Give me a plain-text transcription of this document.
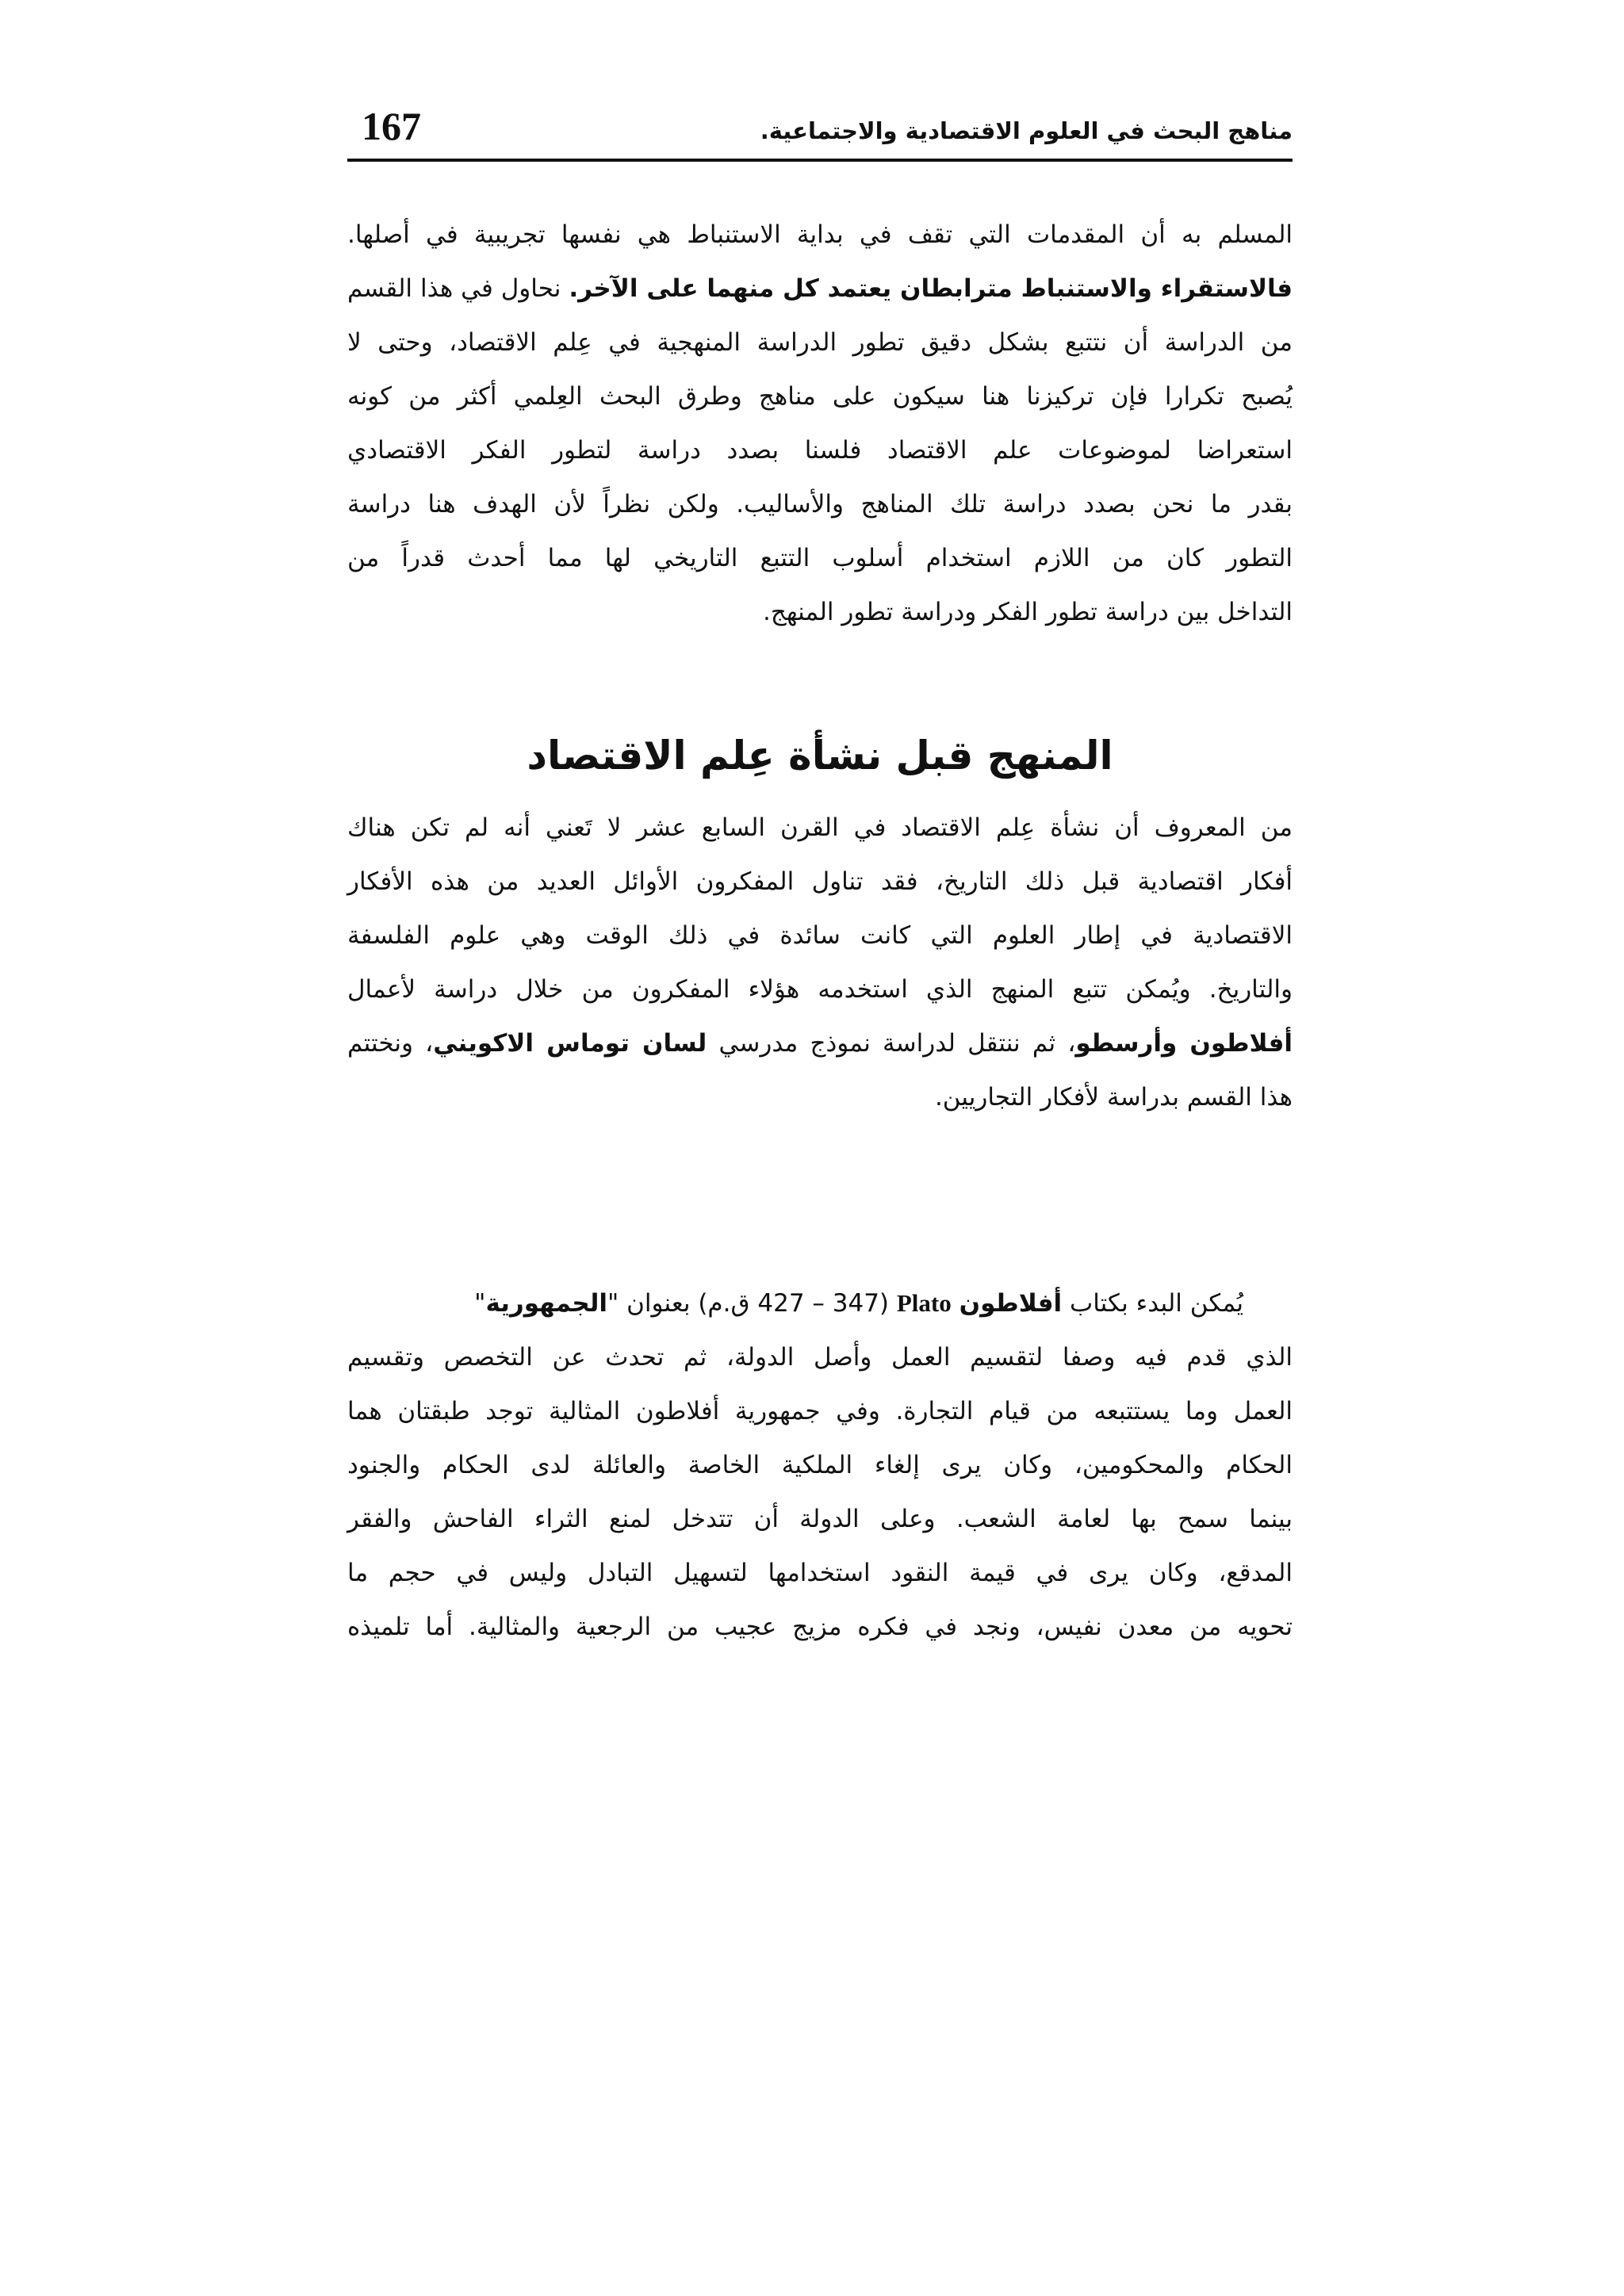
مناهج البحث في العلوم الاقتصادية والاجتماعية.
167
المسلم به أن المقدمات التي تقف في بداية الاستنباط هي نفسها تجريبية في أصلها.
فالاستقراء والاستنباط مترابطان يعتمد كل منهما على الآخر. نحاول في هذا القسم
من الدراسة أن نتتبع بشكل دقيق تطور الدراسة المنهجية في عِلم الاقتصاد، وحتى لا
يُصبح تكرارا فإن تركيزنا هنا سيكون على مناهج وطرق البحث العِلمي أكثر من كونه
استعراضا لموضوعات علم الاقتصاد فلسنا بصدد دراسة لتطور الفكر الاقتصادي
بقدر ما نحن بصدد دراسة تلك المناهج والأساليب. ولكن نظراً لأن الهدف هنا دراسة
التطور كان من اللازم استخدام أسلوب التتبع التاريخي لها مما أحدث قدراً من
التداخل بين دراسة تطور الفكر ودراسة تطور المنهج.
المنهج قبل نشأة عِلم الاقتصاد
من المعروف أن نشأة عِلم الاقتصاد في القرن السابع عشر لا تَعني أنه لم تكن هناك
أفكار اقتصادية قبل ذلك التاريخ، فقد تناول المفكرون الأوائل العديد من هذه الأفكار
الاقتصادية في إطار العلوم التي كانت سائدة في ذلك الوقت وهي علوم الفلسفة
والتاريخ. ويُمكن تتبع المنهج الذي استخدمه هؤلاء المفكرون من خلال دراسة لأعمال
أفلاطون وأرسطو، ثم ننتقل لدراسة نموذج مدرسي لسان توماس الاكويني، ونختتم
هذا القسم بدراسة لأفكار التجاريين.
يُمكن البدء بكتاب أفلاطون Plato (427 – 347 ق.م) بعنوان "الجمهورية"
الذي قدم فيه وصفا لتقسيم العمل وأصل الدولة، ثم تحدث عن التخصص وتقسيم
العمل وما يستتبعه من قيام التجارة. وفي جمهورية أفلاطون المثالية توجد طبقتان هما
الحكام والمحكومين، وكان يرى إلغاء الملكية الخاصة والعائلة لدى الحكام والجنود
بينما سمح بها لعامة الشعب. وعلى الدولة أن تتدخل لمنع الثراء الفاحش والفقر
المدقع، وكان يرى في قيمة النقود استخدامها لتسهيل التبادل وليس في حجم ما
تحويه من معدن نفيس، ونجد في فكره مزيج عجيب من الرجعية والمثالية. أما تلميذه
